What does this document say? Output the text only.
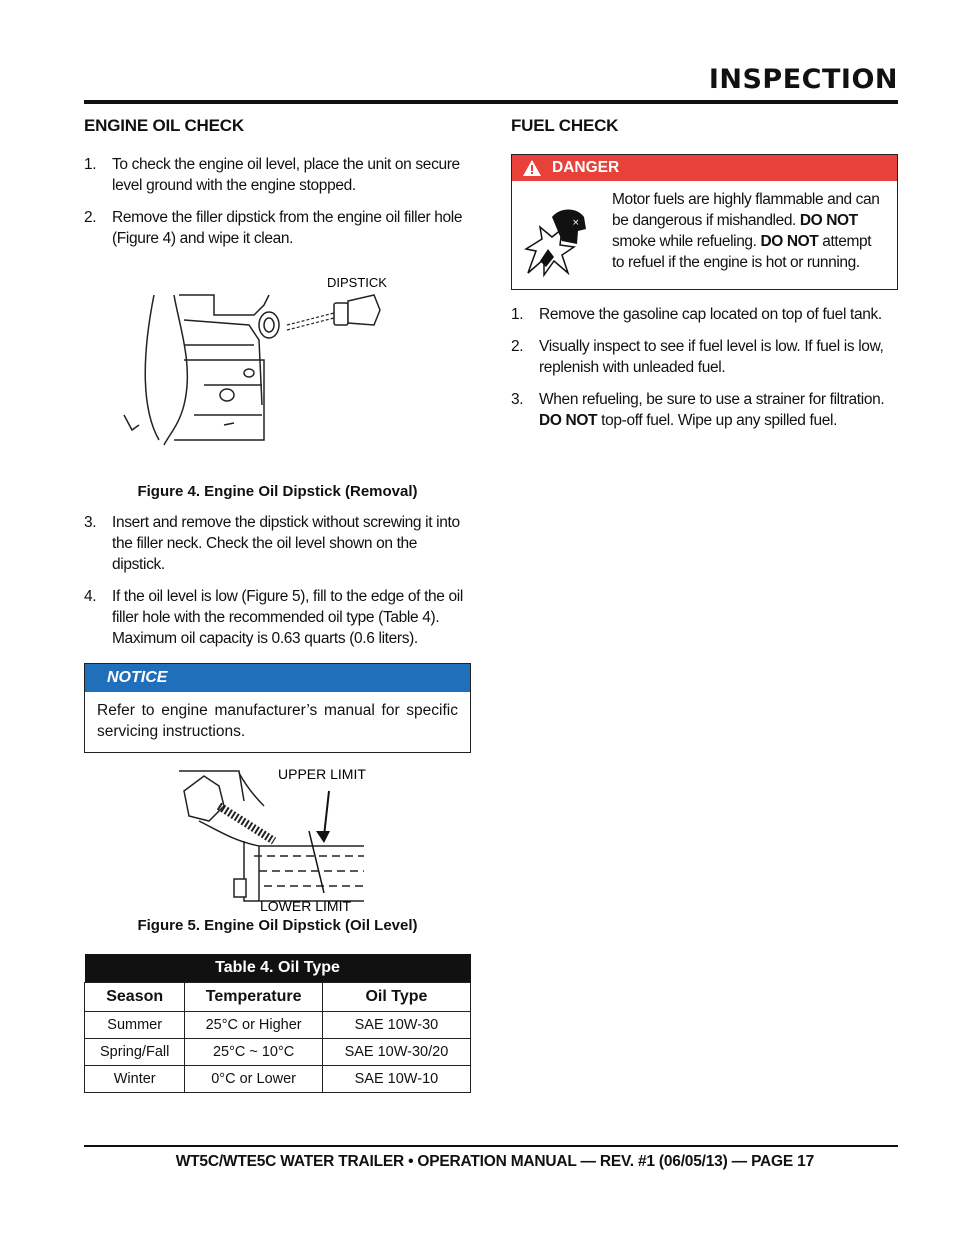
INSPECTION
ENGINE OIL CHECK
1. To check the engine oil level, place the unit on secure level ground with the engine stopped.
2. Remove the filler dipstick from the engine oil filler hole (Figure 4) and wipe it clean.
DIPSTICK
Figure 4. Engine Oil Dipstick (Removal)
3. Insert and remove the dipstick without screwing it into the filler neck. Check the oil level shown on the dipstick.
4. If the oil level is low (Figure 5), fill to the edge of the oil filler hole with the recommended oil type (Table 4). Maximum oil capacity is 0.63 quarts (0.6 liters).
NOTICE
Refer to engine manufacturer’s manual for specific servicing instructions.
UPPER LIMIT
LOWER LIMIT
Figure 5. Engine Oil Dipstick (Oil Level)
Table 4. Oil Type		
Season	Temperature	Oil Type
Summer	25°C or Higher	SAE 10W-30
Spring/Fall	25°C ~ 10°C	SAE 10W-30/20
Winter	0°C or Lower	SAE 10W-10
FUEL CHECK
DANGER
×
Motor fuels are highly flammable and can be dangerous if mishandled. DO NOT smoke while refueling. DO NOT attempt to refuel if the engine is hot or running.
1. Remove the gasoline cap located on top of fuel tank.
2. Visually inspect to see if fuel level is low. If fuel is low, replenish with unleaded fuel.
3. When refueling, be sure to use a strainer for filtration. DO NOT top-off fuel. Wipe up any spilled fuel.
WT5C/WTE5C WATER TRAILER • OPERATION MANUAL — REV. #1 (06/05/13) — PAGE 17
